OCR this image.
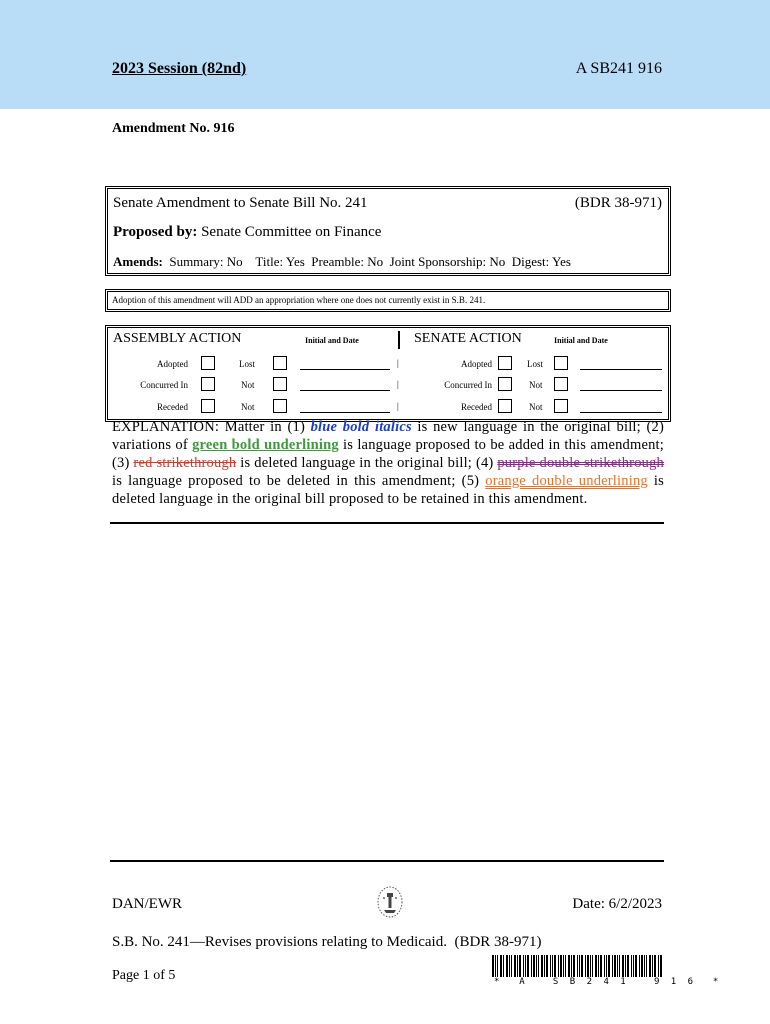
2023 Session (82nd)	A SB241 916
Amendment No. 916
Senate Amendment to Senate Bill No. 241	(BDR 38-971)
Proposed by: Senate Committee on Finance
Amends: Summary: No    Title: Yes  Preamble: No  Joint Sponsorship: No  Digest: Yes
Adoption of this amendment will ADD an appropriation where one does not currently exist in S.B. 241.
ASSEMBLY ACTION	Initial and Date	SENATE ACTION	Initial and Date
Adopted	Lost	|	Adopted	Lost
Concurred In	Not	|	Concurred In	Not
Receded	Not	|	Receded	Not
EXPLANATION: Matter in (1) blue bold italics is new language in the original bill; (2) variations of green bold underlining is language proposed to be added in this amendment; (3) red strikethrough is deleted language in the original bill; (4) purple double strikethrough is language proposed to be deleted in this amendment; (5) orange double underlining is deleted language in the original bill proposed to be retained in this amendment.
DAN/EWR	Date: 6/2/2023
S.B. No. 241—Revises provisions relating to Medicaid.  (BDR 38-971)
Page 1 of 5	*  A   S B 2 4 1   9 1 6  *
